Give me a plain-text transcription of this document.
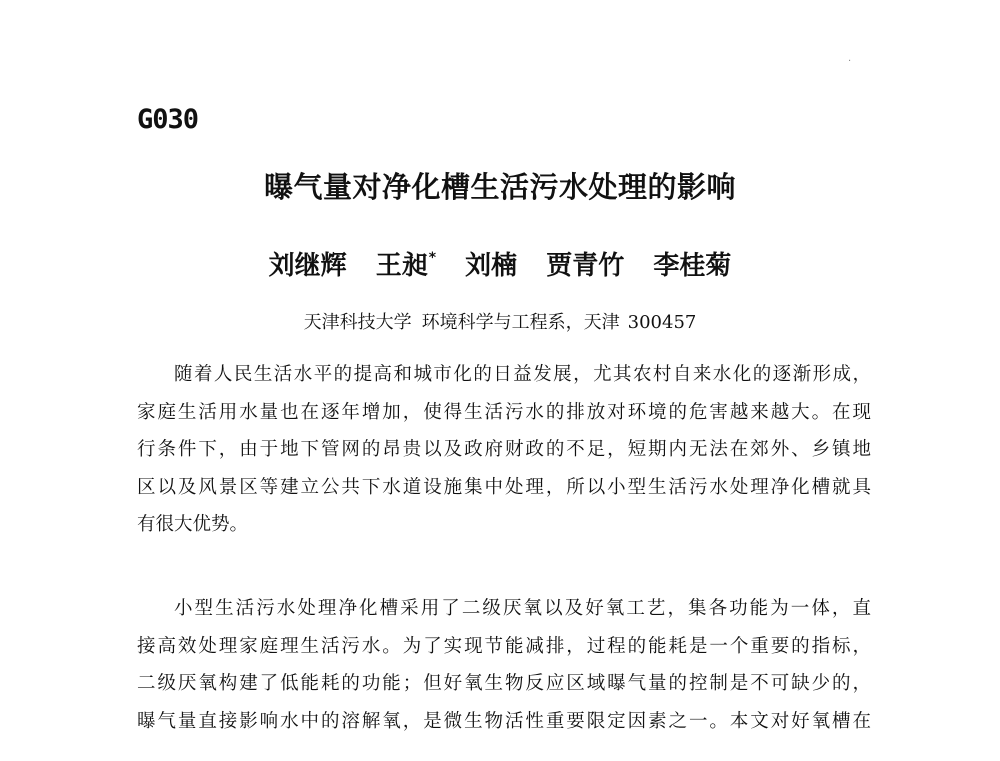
·
G030
曝气量对净化槽生活污水处理的影响
刘继辉 王昶* 刘楠 贾青竹 李桂菊
天津科技大学 环境科学与工程系，天津 300457
随着人民生活水平的提高和城市化的日益发展，尤其农村自来水化的逐渐形成，
家庭生活用水量也在逐年增加，使得生活污水的排放对环境的危害越来越大。在现
行条件下，由于地下管网的昂贵以及政府财政的不足，短期内无法在郊外、乡镇地
区以及风景区等建立公共下水道设施集中处理，所以小型生活污水处理净化槽就具
有很大优势。
小型生活污水处理净化槽采用了二级厌氧以及好氧工艺，集各功能为一体，直
接高效处理家庭理生活污水。为了实现节能减排，过程的能耗是一个重要的指标，
二级厌氧构建了低能耗的功能；但好氧生物反应区域曝气量的控制是不可缺少的，
曝气量直接影响水中的溶解氧，是微生物活性重要限定因素之一。本文对好氧槽在
